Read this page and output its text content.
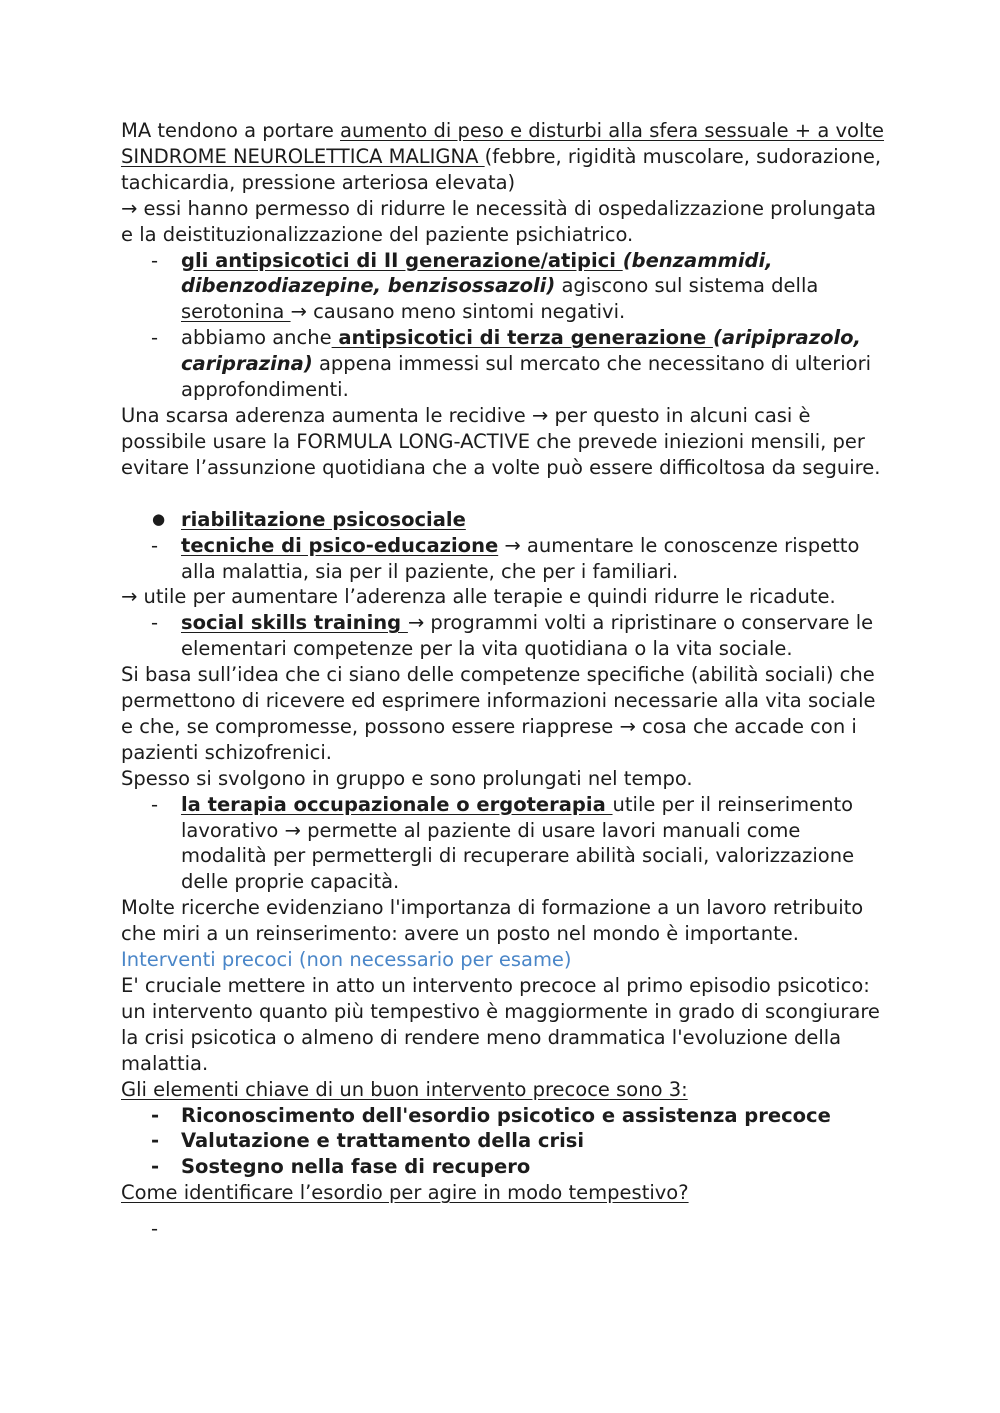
MA tendono a portare aumento di peso e disturbi alla sfera sessuale + a volte SINDROME NEUROLETTICA MALIGNA (febbre, rigidità muscolare, sudorazione, tachicardia, pressione arteriosa elevata)

→ essi hanno permesso di ridurre le necessità di ospedalizzazione prolungata e la deistituzionalizzazione del paziente psichiatrico.

- gli antipsicotici di II generazione/atipici (benzammidi, dibenzodiazepine, benzisossazoli) agiscono sul sistema della serotonina → causano meno sintomi negativi.
- abbiamo anche antipsicotici di terza generazione (aripiprazolo, cariprazina) appena immessi sul mercato che necessitano di ulteriori approfondimenti.

Una scarsa aderenza aumenta le recidive → per questo in alcuni casi è possibile usare la FORMULA LONG-ACTIVE che prevede iniezioni mensili, per evitare l’assunzione quotidiana che a volte può essere difficoltosa da seguire.

● riabilitazione psicosociale
- tecniche di psico-educazione → aumentare le conoscenze rispetto alla malattia, sia per il paziente, che per i familiari.

→ utile per aumentare l’aderenza alle terapie e quindi ridurre le ricadute.

- social skills training → programmi volti a ripristinare o conservare le elementari competenze per la vita quotidiana o la vita sociale.

Si basa sull’idea che ci siano delle competenze specifiche (abilità sociali) che permettono di ricevere ed esprimere informazioni necessarie alla vita sociale e che, se compromesse, possono essere riapprese → cosa che accade con i pazienti schizofrenici.

Spesso si svolgono in gruppo e sono prolungati nel tempo.

- la terapia occupazionale o ergoterapia utile per il reinserimento lavorativo → permette al paziente di usare lavori manuali come modalità per permettergli di recuperare abilità sociali, valorizzazione delle proprie capacità.

Molte ricerche evidenziano l'importanza di formazione a un lavoro retribuito che miri a un reinserimento: avere un posto nel mondo è importante.

Interventi precoci (non necessario per esame)

E' cruciale mettere in atto un intervento precoce al primo episodio psicotico: un intervento quanto più tempestivo è maggiormente in grado di scongiurare la crisi psicotica o almeno di rendere meno drammatica l'evoluzione della malattia.

Gli elementi chiave di un buon intervento precoce sono 3:

- Riconoscimento dell'esordio psicotico e assistenza precoce
- Valutazione e trattamento della crisi
- Sostegno nella fase di recupero

Come identificare l’esordio per agire in modo tempestivo?

-
